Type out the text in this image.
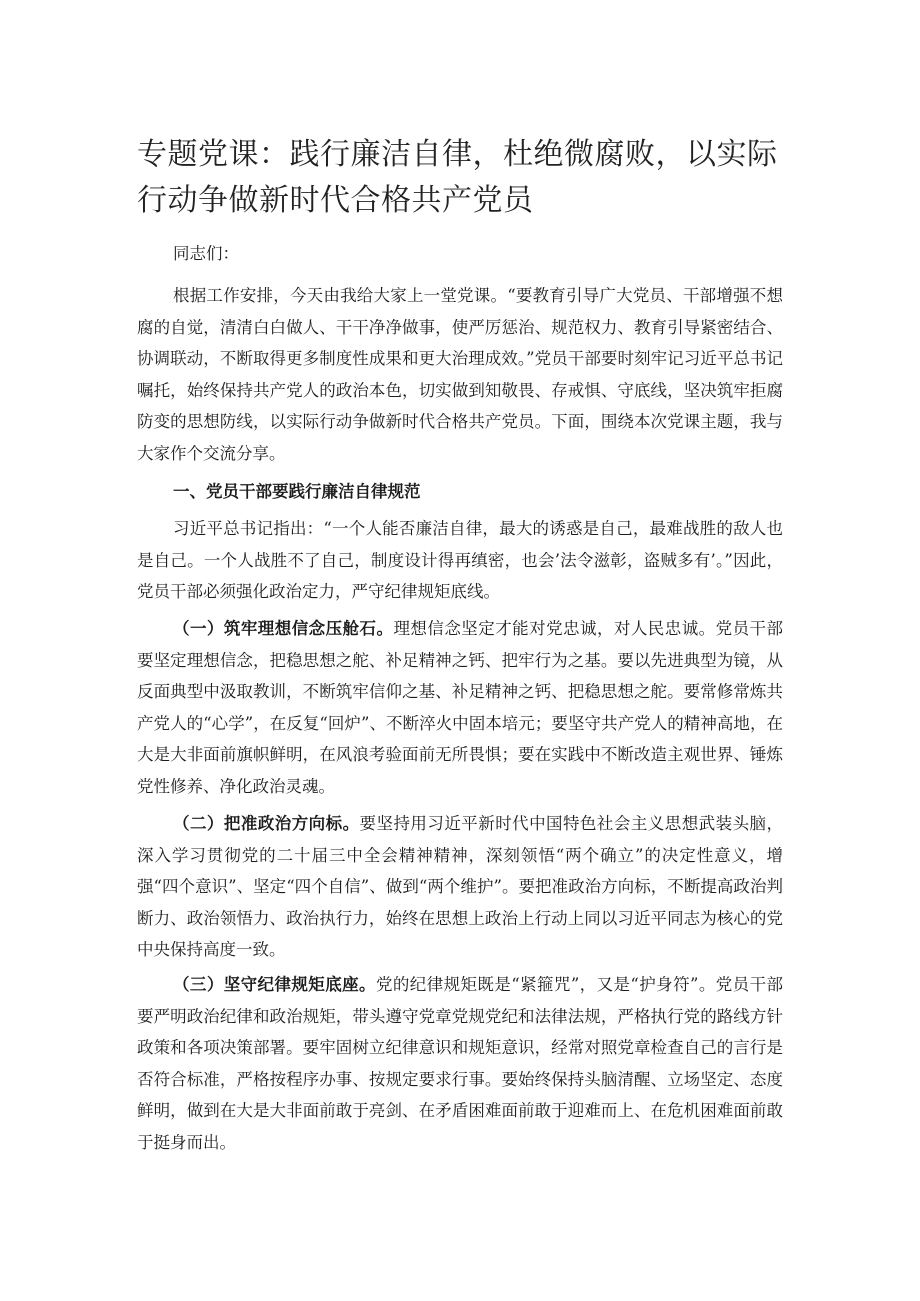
专题党课：践行廉洁自律，杜绝微腐败，以实际行动争做新时代合格共产党员

同志们：

根据工作安排，今天由我给大家上一堂党课。“要教育引导广大党员、干部增强不想腐的自觉，清清白白做人、干干净净做事，使严厉惩治、规范权力、教育引导紧密结合、协调联动，不断取得更多制度性成果和更大治理成效。”党员干部要时刻牢记习近平总书记嘱托，始终保持共产党人的政治本色，切实做到知敬畏、存戒惧、守底线，坚决筑牢拒腐防变的思想防线，以实际行动争做新时代合格共产党员。下面，围绕本次党课主题，我与大家作个交流分享。

一、党员干部要践行廉洁自律规范

习近平总书记指出：“一个人能否廉洁自律，最大的诱惑是自己，最难战胜的敌人也是自己。一个人战胜不了自己，制度设计得再缜密，也会’法令滋彰，盗贼多有’。”因此，党员干部必须强化政治定力，严守纪律规矩底线。

（一）筑牢理想信念压舱石。理想信念坚定才能对党忠诚，对人民忠诚。党员干部要坚定理想信念，把稳思想之舵、补足精神之钙、把牢行为之基。要以先进典型为镜，从反面典型中汲取教训，不断筑牢信仰之基、补足精神之钙、把稳思想之舵。要常修常炼共产党人的“心学”，在反复“回炉”、不断淬火中固本培元；要坚守共产党人的精神高地，在大是大非面前旗帜鲜明，在风浪考验面前无所畏惧；要在实践中不断改造主观世界、锤炼党性修养、净化政治灵魂。

（二）把准政治方向标。要坚持用习近平新时代中国特色社会主义思想武装头脑，深入学习贯彻党的二十届三中全会精神精神，深刻领悟“两个确立”的决定性意义，增强“四个意识”、坚定“四个自信”、做到“两个维护”。要把准政治方向标，不断提高政治判断力、政治领悟力、政治执行力，始终在思想上政治上行动上同以习近平同志为核心的党中央保持高度一致。

（三）坚守纪律规矩底座。党的纪律规矩既是“紧箍咒”，又是“护身符”。党员干部要严明政治纪律和政治规矩，带头遵守党章党规党纪和法律法规，严格执行党的路线方针政策和各项决策部署。要牢固树立纪律意识和规矩意识，经常对照党章检查自己的言行是否符合标准，严格按程序办事、按规定要求行事。要始终保持头脑清醒、立场坚定、态度鲜明，做到在大是大非面前敢于亮剑、在矛盾困难面前敢于迎难而上、在危机困难面前敢于挺身而出。
